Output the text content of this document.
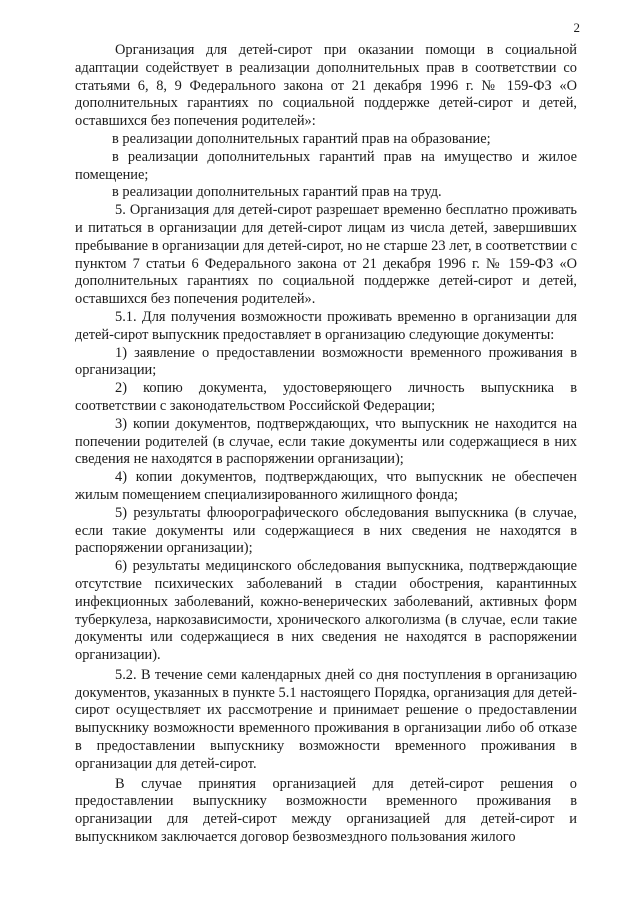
2

Организация для детей-сирот при оказании помощи в социальной адаптации содействует в реализации дополнительных прав в соответствии со статьями 6, 8, 9 Федерального закона от 21 декабря 1996 г. № 159-ФЗ «О дополнительных гарантиях по социальной поддержке детей-сирот и детей, оставшихся без попечения родителей»:

в реализации дополнительных гарантий прав на образование;

в реализации дополнительных гарантий прав на имущество и жилое помещение;

в реализации дополнительных гарантий прав на труд.

5. Организация для детей-сирот разрешает временно бесплатно проживать и питаться в организации для детей-сирот лицам из числа детей, завершивших пребывание в организации для детей-сирот, но не старше 23 лет, в соответствии с пунктом 7 статьи 6 Федерального закона от 21 декабря 1996 г. № 159-ФЗ «О дополнительных гарантиях по социальной поддержке детей-сирот и детей, оставшихся без попечения родителей».

5.1. Для получения возможности проживать временно в организации для детей-сирот выпускник предоставляет в организацию следующие документы:

1) заявление о предоставлении возможности временного проживания в организации;

2) копию документа, удостоверяющего личность выпускника в соответствии с законодательством Российской Федерации;

3) копии документов, подтверждающих, что выпускник не находится на попечении родителей (в случае, если такие документы или содержащиеся в них сведения не находятся в распоряжении организации);

4) копии документов, подтверждающих, что выпускник не обеспечен жилым помещением специализированного жилищного фонда;

5) результаты флюорографического обследования выпускника (в случае, если такие документы или содержащиеся в них сведения не находятся в распоряжении организации);

6) результаты медицинского обследования выпускника, подтверждающие отсутствие психических заболеваний в стадии обострения, карантинных инфекционных заболеваний, кожно-венерических заболеваний, активных форм туберкулеза, наркозависимости, хронического алкоголизма (в случае, если такие документы или содержащиеся в них сведения не находятся в распоряжении организации).

5.2. В течение семи календарных дней со дня поступления в организацию документов, указанных в пункте 5.1 настоящего Порядка, организация для детей-сирот осуществляет их рассмотрение и принимает решение о предоставлении выпускнику возможности временного проживания в организации либо об отказе в предоставлении выпускнику возможности временного проживания в организации для детей-сирот.

В случае принятия организацией для детей-сирот решения о предоставлении выпускнику возможности временного проживания в организации для детей-сирот между организацией для детей-сирот и выпускником заключается договор безвозмездного пользования жилого
